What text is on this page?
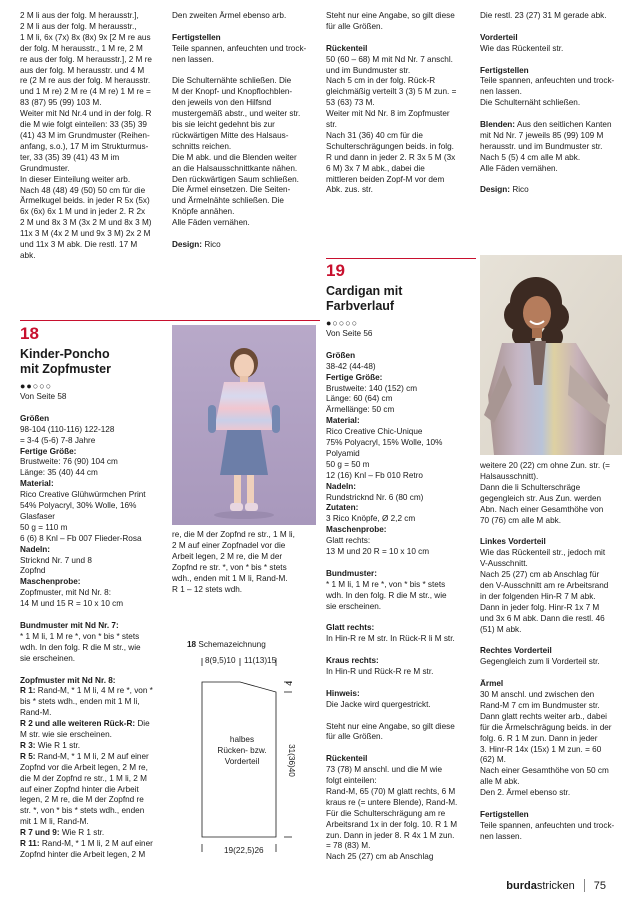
2 M li aus der folg. M herausstr.],

2 M li aus der folg. M herausstr.,

1 M li, 6x (7x) 8x (8x) 9x [2 M re aus

der folg. M herausstr., 1 M re, 2 M

re aus der folg. M herausstr.], 2 M re

aus der folg. M herausstr. und 4 M

re (2 M re aus der folg. M herausstr.

und 1 M re) 2 M re (4 M re) 1 M re =

83 (87) 95 (99) 103 M.

Weiter mit Nd Nr.4 und in der folg. R

die M wie folgt einteilen: 33 (35) 39

(41) 43 M im Grundmuster (Reihen-

anfang, s.o.), 17 M im Strukturmus-

ter, 33 (35) 39 (41) 43 M im

Grundmuster.

In dieser Einteilung weiter arb.

Nach 48 (48) 49 (50) 50 cm für die

Ärmelkugel beids. in jeder R 5x (5x)

6x (6x) 6x 1 M und in jeder 2. R 2x

2 M und 8x 3 M (3x 2 M und 8x 3 M)

11x 3 M (4x 2 M und 9x 3 M) 2x 2 M

und 11x 3 M abk. Die restl. 17 M

abk.

Den zweiten Ärmel ebenso arb.

Fertigstellen

Teile spannen, anfeuchten und trock-

nen lassen.

Die Schulternähte schließen. Die

M der Knopf- und Knopflochblen-

den jeweils von den Hilfsnd

mustergemäß abstr., und weiter str.

bis sie leicht gedehnt bis zur

rückwärtigen Mitte des Halsaus-

schnitts reichen.

Die M abk. und die Blenden weiter

an die Halsausschnittkante nähen.

Den rückwärtigen Saum schließen.

Die Ärmel einsetzen. Die Seiten-

und Ärmelnähte schließen. Die

Knöpfe annähen.

Alle Fäden vernähen.

Design: Rico

Steht nur eine Angabe, so gilt diese

für alle Größen.

Rückenteil

50 (60 – 68) M mit Nd Nr. 7 anschl.

und im Bundmuster str.

Nach 5 cm in der folg. Rück-R

gleichmäßig verteilt 3 (3) 5 M zun. =

53 (63) 73 M.

Weiter mit Nd Nr. 8 im Zopfmuster

str.

Nach 31 (36) 40 cm für die

Schulterschrägungen beids. in folg.

R und dann in jeder 2. R 3x 5 M (3x

6 M) 3x 7 M abk., dabei die

mittleren beiden Zopf-M vor dem

Abk. zus. str.

Die restl. 23 (27) 31 M gerade abk.

Vorderteil

Wie das Rückenteil str.

Fertigstellen

Teile spannen, anfeuchten und trock-

nen lassen.

Die Schulternäht schließen.

Blenden: Aus den seitlichen Kanten

mit Nd Nr. 7 jeweils 85 (99) 109 M

herausstr. und im Bundmuster str.

Nach 5 (5) 4 cm alle M abk.

Alle Fäden vernähen.

Design: Rico

18

Kinder-Poncho

mit Zopfmuster

●●○○○

Von Seite 58

Größen

98-104 (110-116) 122-128

= 3-4 (5-6) 7-8 Jahre

Fertige Größe:

Brustweite: 76 (90) 104 cm

Länge: 35 (40) 44 cm

Material:

Rico Creative Glühwürmchen Print

54% Polyacryl, 30% Wolle, 16%

Glasfaser

50 g = 110 m

6 (6) 8 Knl – Fb 007 Flieder-Rosa

Nadeln:

Stricknd Nr. 7 und 8

Zopfnd

Maschenprobe:

Zopfmuster, mit Nd Nr. 8:

14 M und 15 R = 10 x 10 cm

Bundmuster mit Nd Nr. 7:

* 1 M li, 1 M re *, von * bis * stets

wdh. In den folg. R die M str., wie

sie erscheinen.

Zopfmuster mit Nd Nr. 8:

R 1: Rand-M, * 1 M li, 4 M re *, von *

bis * stets wdh., enden mit 1 M li,

Rand-M.

R 2 und alle weiteren Rück-R: Die

M str. wie sie erscheinen.

R 3: Wie R 1 str.

R 5: Rand-M, * 1 M li, 2 M auf einer

Zopfnd vor die Arbeit legen, 2 M re,

die M der Zopfnd re str., 1 M li, 2 M

auf einer Zopfnd hinter die Arbeit

legen, 2 M re, die M der Zopfnd re

str. *, von * bis * stets wdh., enden

mit 1 M li, Rand-M.

R 7 und 9: Wie R 1 str.

R 11: Rand-M, * 1 M li, 2 M auf einer

Zopfnd hinter die Arbeit legen, 2 M

re, die M der Zopfnd re str., 1 M li,

2 M auf einer Zopfnadel vor die

Arbeit legen, 2 M re, die M der

Zopfnd re str. *, von * bis * stets

wdh., enden mit 1 M li, Rand-M.

R 1 – 12 stets wdh.

18 Schemazeichnung
8(9,5)10 11(13)15
4
halbes
Rücken- bzw.
Vorderteil	31(36)40
19(22,5)26

19

Cardigan mit

Farbverlauf

●○○○○

Von Seite 56

Größen

38-42 (44-48)

Fertige Größe:

Brustweite: 140 (152) cm

Länge: 60 (64) cm

Ärmellänge: 50 cm

Material:

Rico Creative Chic-Unique

75% Polyacryl, 15% Wolle, 10%

Polyamid

50 g = 50 m

12 (16) Knl – Fb 010 Retro

Nadeln:

Rundstricknd Nr. 6 (80 cm)

Zutaten:

3 Rico Knöpfe, Ø 2,2 cm

Maschenprobe:

Glatt rechts:

13 M und 20 R = 10 x 10 cm

Bundmuster:

* 1 M li, 1 M re *, von * bis * stets

wdh. In den folg. R die M str., wie

sie erscheinen.

Glatt rechts:

In Hin-R re M str. In Rück-R li M str.

Kraus rechts:

In Hin-R und Rück-R re M str.

Hinweis:

Die Jacke wird quergestrickt.

Steht nur eine Angabe, so gilt diese

für alle Größen.

Rückenteil

73 (78) M anschl. und die M wie

folgt einteilen:

Rand-M, 65 (70) M glatt rechts, 6 M

kraus re (= untere Blende), Rand-M.

Für die Schulterschrägung am re

Arbeitsrand 1x in der folg. 10. R 1 M

zun. Dann in jeder 8. R 4x 1 M zun.

= 78 (83) M.

Nach 25 (27) cm ab Anschlag

weitere 20 (22) cm ohne Zun. str. (=

Halsausschnitt).

Dann die li Schulterschräge

gegengleich str. Aus Zun. werden

Abn. Nach einer Gesamthöhe von

70 (76) cm alle M abk.

Linkes Vorderteil

Wie das Rückenteil str., jedoch mit

V-Ausschnitt.

Nach 25 (27) cm ab Anschlag für

den V-Ausschnitt am re Arbeitsrand

in der folgenden Hin-R 7 M abk.

Dann in jeder folg. Hinr-R 1x 7 M

und 3x 6 M abk. Dann die restl. 46

(51) M abk.

Rechtes Vorderteil

Gegengleich zum li Vorderteil str.

Ärmel

30 M anschl. und zwischen den

Rand-M 7 cm im Bundmuster str.

Dann glatt rechts weiter arb., dabei

für die Ärmelschrägung beids. in der

folg. 6. R 1 M zun. Dann in jeder

3. Hinr-R 14x (15x) 1 M zun. = 60

(62) M.

Nach einer Gesamthöhe von 50 cm

alle M abk.

Den 2. Ärmel ebenso str.

Fertigstellen

Teile spannen, anfeuchten und trock-

nen lassen.

burdastricken 75
